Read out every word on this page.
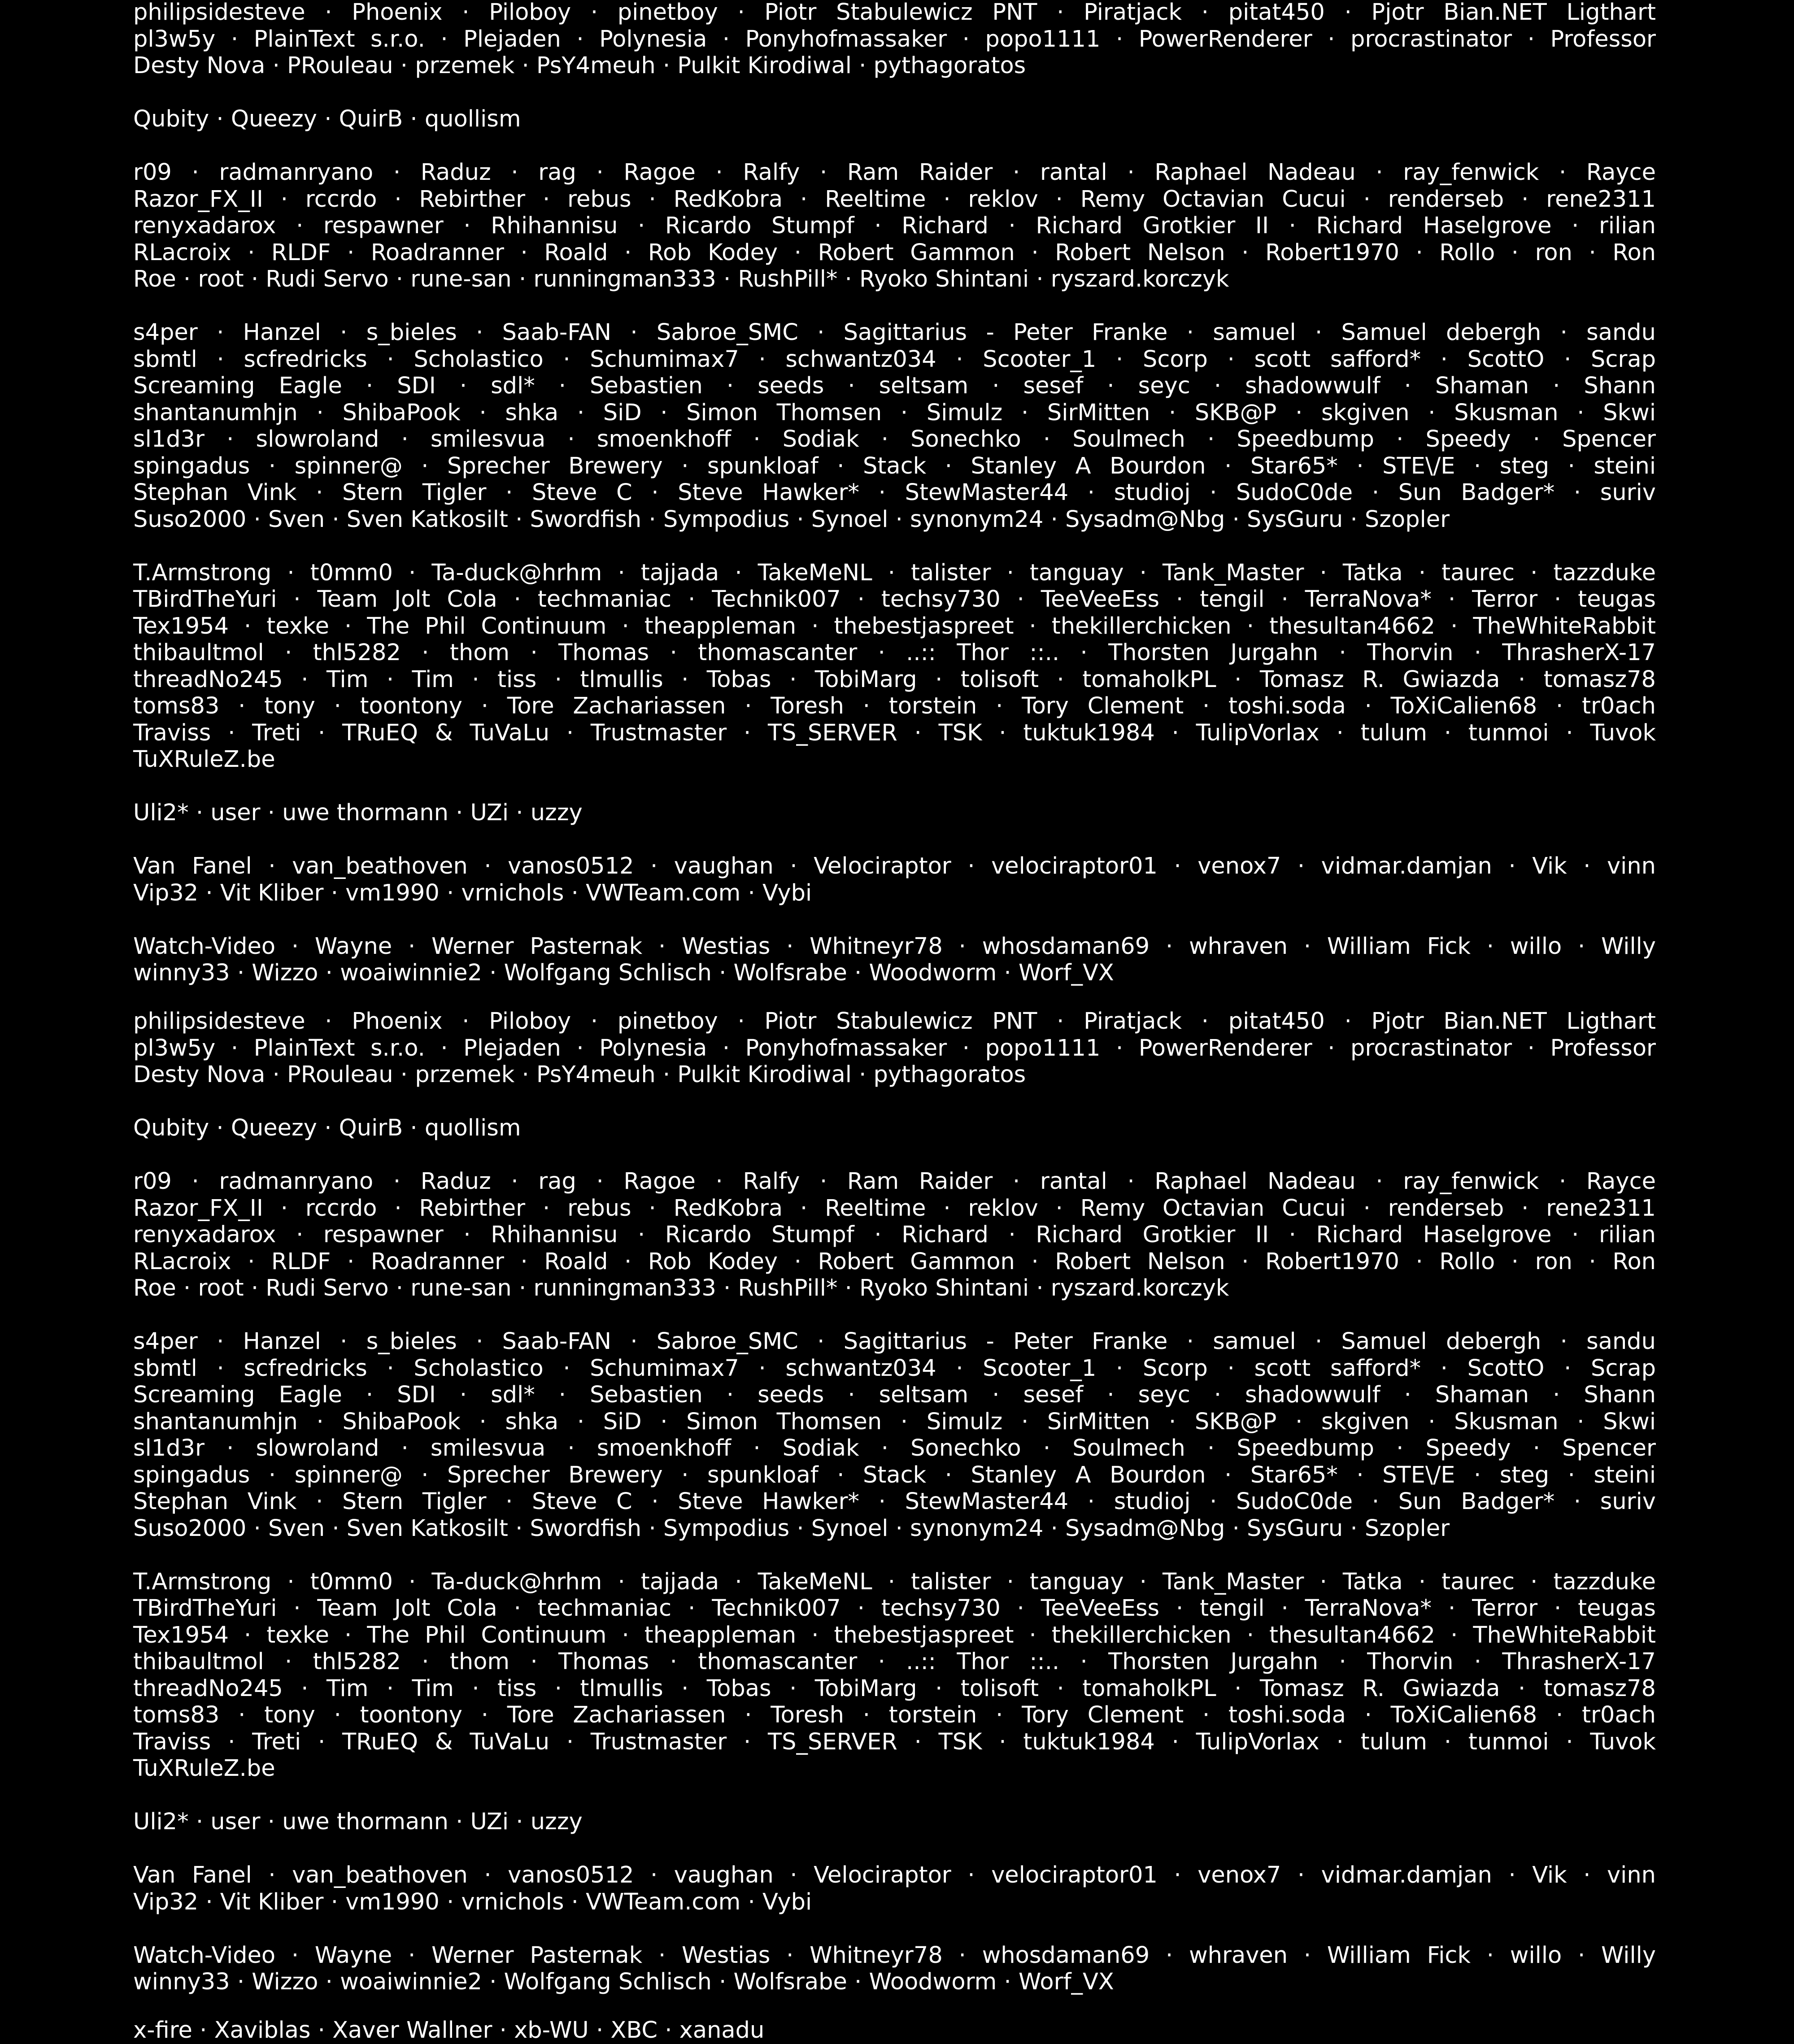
philipsidesteve · Phoenix · Piloboy · pinetboy · Piotr Stabulewicz PNT · Piratjack · pitat450 · Pjotr Bian.NET Ligthart
pl3w5y · PlainText s.r.o. · Plejaden · Polynesia · Ponyhofmassaker · popo1111 · PowerRenderer · procrastinator · Professor
Desty Nova · PRouleau · przemek · PsY4meuh · Pulkit Kirodiwal · pythagoratos
Qubity · Queezy · QuirB · quollism
r09 · radmanryano · Raduz · rag · Ragoe · Ralfy · Ram Raider · rantal · Raphael Nadeau · ray_fenwick · Rayce
Razor_FX_II · rccrdo · Rebirther · rebus · RedKobra · Reeltime · reklov · Remy Octavian Cucui · renderseb · rene2311
renyxadarox · respawner · Rhihannisu · Ricardo Stumpf · Richard · Richard Grotkier II · Richard Haselgrove · rilian
RLacroix · RLDF · Roadranner · Roald · Rob Kodey · Robert Gammon · Robert Nelson · Robert1970 · Rollo · ron · Ron
Roe · root · Rudi Servo · rune-san · runningman333 · RushPill* · Ryoko Shintani · ryszard.korczyk
s4per · Hanzel · s_bieles · Saab-FAN · Sabroe_SMC · Sagittarius - Peter Franke · samuel · Samuel debergh · sandu
sbmtl · scfredricks · Scholastico · Schumimax7 · schwantz034 · Scooter_1 · Scorp · scott safford* · ScottO · Scrap
Screaming Eagle · SDI · sdl* · Sebastien · seeds · seltsam · sesef · seyc · shadowwulf · Shaman · Shann
shantanumhjn · ShibaPook · shka · SiD · Simon Thomsen · Simulz · SirMitten · SKB@P · skgiven · Skusman · Skwi
sl1d3r · slowroland · smilesvua · smoenkhoff · Sodiak · Sonechko · Soulmech · Speedbump · Speedy · Spencer
spingadus · spinner@ · Sprecher Brewery · spunkloaf · Stack · Stanley A Bourdon · Star65* · STE\/E · steg · steini
Stephan Vink · Stern Tigler · Steve C · Steve Hawker* · StewMaster44 · studioj · SudoC0de · Sun Badger* · suriv
Suso2000 · Sven · Sven Katkosilt · Swordfish · Sympodius · Synoel · synonym24 · Sysadm@Nbg · SysGuru · Szopler
T.Armstrong · t0mm0 · Ta-duck@hrhm · tajjada · TakeMeNL · talister · tanguay · Tank_Master · Tatka · taurec · tazzduke
TBirdTheYuri · Team Jolt Cola · techmaniac · Technik007 · techsy730 · TeeVeeEss · tengil · TerraNova* · Terror · teugas
Tex1954 · texke · The Phil Continuum · theappleman · thebestjaspreet · thekillerchicken · thesultan4662 · TheWhiteRabbit
thibaultmol · thl5282 · thom · Thomas · thomascanter · ..:: Thor ::.. · Thorsten Jurgahn · Thorvin · ThrasherX-17
threadNo245 · Tim · Tim · tiss · tlmullis · Tobas · TobiMarg · tolisoft · tomaholkPL · Tomasz R. Gwiazda · tomasz78
toms83 · tony · toontony · Tore Zachariassen · Toresh · torstein · Tory Clement · toshi.soda · ToXiCalien68 · tr0ach
Traviss · Treti · TRuEQ & TuVaLu · Trustmaster · TS_SERVER · TSK · tuktuk1984 · TulipVorlax · tulum · tunmoi · Tuvok
TuXRuleZ.be
Uli2* · user · uwe thormann · UZi · uzzy
Van Fanel · van_beathoven · vanos0512 · vaughan · Velociraptor · velociraptor01 · venox7 · vidmar.damjan · Vik · vinn
Vip32 · Vit Kliber · vm1990 · vrnichols · VWTeam.com · Vybi
Watch-Video · Wayne · Werner Pasternak · Westias · Whitneyr78 · whosdaman69 · whraven · William Fick · willo · Willy
winny33 · Wizzo · woaiwinnie2 · Wolfgang Schlisch · Wolfsrabe · Woodworm · Worf_VX
philipsidesteve · Phoenix · Piloboy · pinetboy · Piotr Stabulewicz PNT · Piratjack · pitat450 · Pjotr Bian.NET Ligthart
pl3w5y · PlainText s.r.o. · Plejaden · Polynesia · Ponyhofmassaker · popo1111 · PowerRenderer · procrastinator · Professor
Desty Nova · PRouleau · przemek · PsY4meuh · Pulkit Kirodiwal · pythagoratos
Qubity · Queezy · QuirB · quollism
r09 · radmanryano · Raduz · rag · Ragoe · Ralfy · Ram Raider · rantal · Raphael Nadeau · ray_fenwick · Rayce
Razor_FX_II · rccrdo · Rebirther · rebus · RedKobra · Reeltime · reklov · Remy Octavian Cucui · renderseb · rene2311
renyxadarox · respawner · Rhihannisu · Ricardo Stumpf · Richard · Richard Grotkier II · Richard Haselgrove · rilian
RLacroix · RLDF · Roadranner · Roald · Rob Kodey · Robert Gammon · Robert Nelson · Robert1970 · Rollo · ron · Ron
Roe · root · Rudi Servo · rune-san · runningman333 · RushPill* · Ryoko Shintani · ryszard.korczyk
s4per · Hanzel · s_bieles · Saab-FAN · Sabroe_SMC · Sagittarius - Peter Franke · samuel · Samuel debergh · sandu
sbmtl · scfredricks · Scholastico · Schumimax7 · schwantz034 · Scooter_1 · Scorp · scott safford* · ScottO · Scrap
Screaming Eagle · SDI · sdl* · Sebastien · seeds · seltsam · sesef · seyc · shadowwulf · Shaman · Shann
shantanumhjn · ShibaPook · shka · SiD · Simon Thomsen · Simulz · SirMitten · SKB@P · skgiven · Skusman · Skwi
sl1d3r · slowroland · smilesvua · smoenkhoff · Sodiak · Sonechko · Soulmech · Speedbump · Speedy · Spencer
spingadus · spinner@ · Sprecher Brewery · spunkloaf · Stack · Stanley A Bourdon · Star65* · STE\/E · steg · steini
Stephan Vink · Stern Tigler · Steve C · Steve Hawker* · StewMaster44 · studioj · SudoC0de · Sun Badger* · suriv
Suso2000 · Sven · Sven Katkosilt · Swordfish · Sympodius · Synoel · synonym24 · Sysadm@Nbg · SysGuru · Szopler
T.Armstrong · t0mm0 · Ta-duck@hrhm · tajjada · TakeMeNL · talister · tanguay · Tank_Master · Tatka · taurec · tazzduke
TBirdTheYuri · Team Jolt Cola · techmaniac · Technik007 · techsy730 · TeeVeeEss · tengil · TerraNova* · Terror · teugas
Tex1954 · texke · The Phil Continuum · theappleman · thebestjaspreet · thekillerchicken · thesultan4662 · TheWhiteRabbit
thibaultmol · thl5282 · thom · Thomas · thomascanter · ..:: Thor ::.. · Thorsten Jurgahn · Thorvin · ThrasherX-17
threadNo245 · Tim · Tim · tiss · tlmullis · Tobas · TobiMarg · tolisoft · tomaholkPL · Tomasz R. Gwiazda · tomasz78
toms83 · tony · toontony · Tore Zachariassen · Toresh · torstein · Tory Clement · toshi.soda · ToXiCalien68 · tr0ach
Traviss · Treti · TRuEQ & TuVaLu · Trustmaster · TS_SERVER · TSK · tuktuk1984 · TulipVorlax · tulum · tunmoi · Tuvok
TuXRuleZ.be
Uli2* · user · uwe thormann · UZi · uzzy
Van Fanel · van_beathoven · vanos0512 · vaughan · Velociraptor · velociraptor01 · venox7 · vidmar.damjan · Vik · vinn
Vip32 · Vit Kliber · vm1990 · vrnichols · VWTeam.com · Vybi
Watch-Video · Wayne · Werner Pasternak · Westias · Whitneyr78 · whosdaman69 · whraven · William Fick · willo · Willy
winny33 · Wizzo · woaiwinnie2 · Wolfgang Schlisch · Wolfsrabe · Woodworm · Worf_VX
x-fire · Xaviblas · Xaver Wallner · xb-WU · XBC · xanadu
